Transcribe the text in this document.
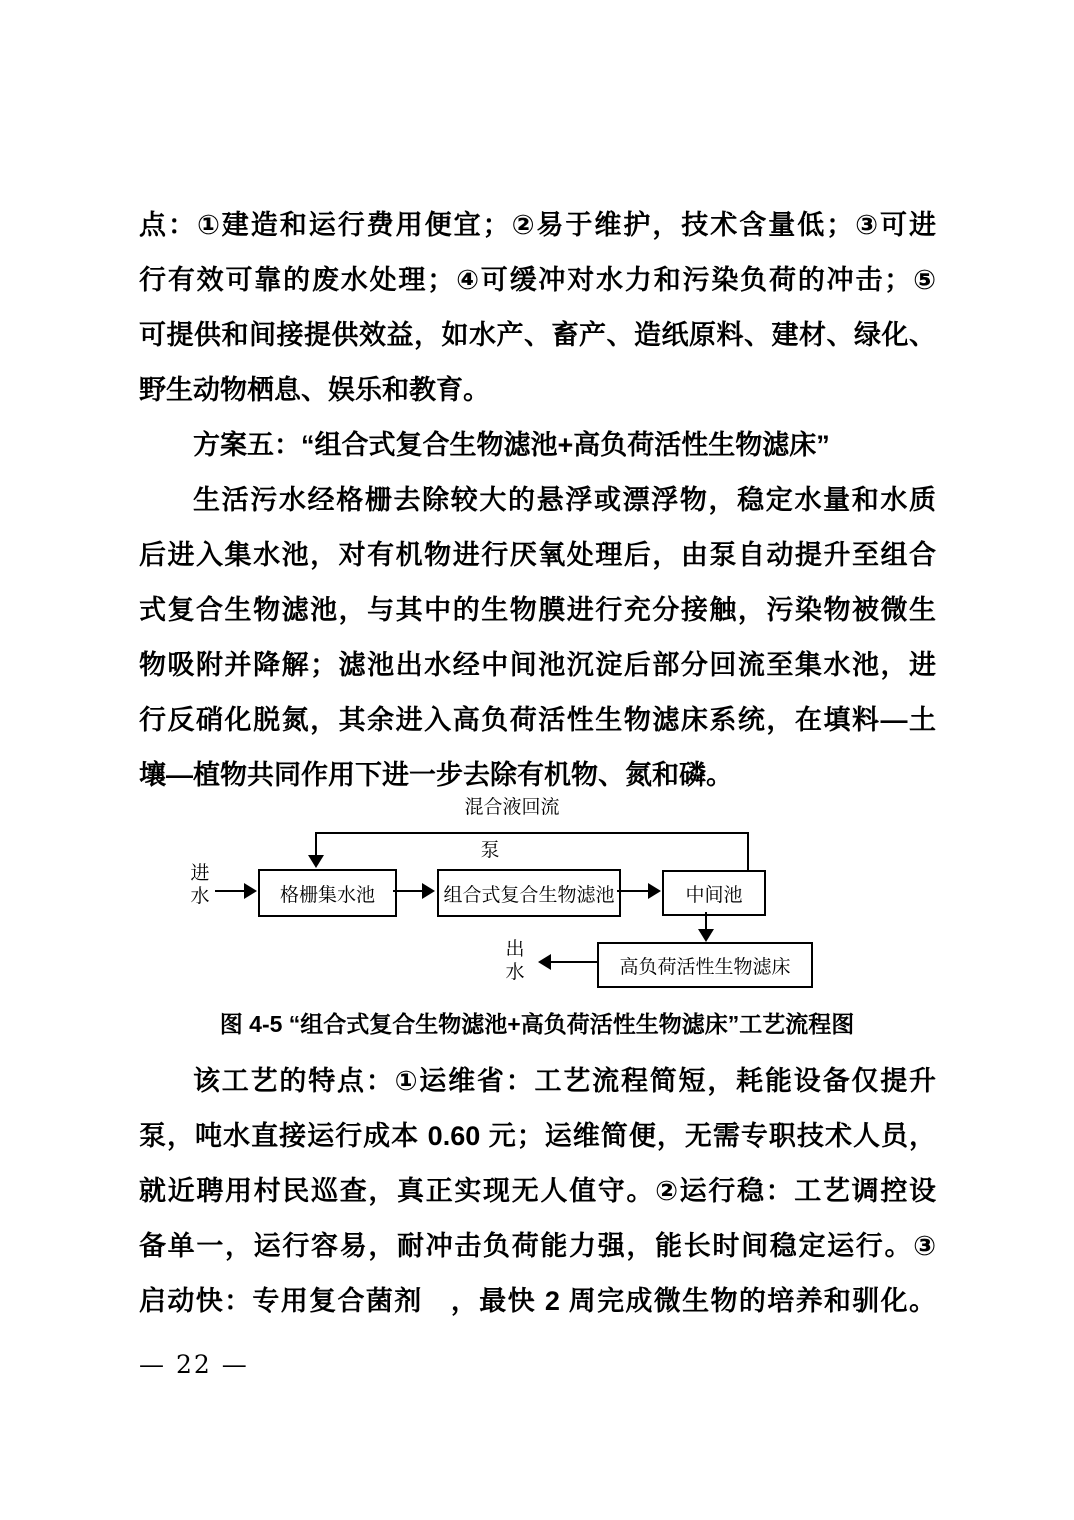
点：①建造和运行费用便宜；②易于维护，技术含量低；③可进
行有效可靠的废水处理；④可缓冲对水力和污染负荷的冲击；⑤
可提供和间接提供效益，如水产、畜产、造纸原料、建材、绿化、
野生动物栖息、娱乐和教育。
方案五：“组合式复合生物滤池+高负荷活性生物滤床”
生活污水经格栅去除较大的悬浮或漂浮物，稳定水量和水质
后进入集水池，对有机物进行厌氧处理后，由泵自动提升至组合
式复合生物滤池，与其中的生物膜进行充分接触，污染物被微生
物吸附并降解；滤池出水经中间池沉淀后部分回流至集水池，进
行反硝化脱氮，其余进入高负荷活性生物滤床系统，在填料—土
壤—植物共同作用下进一步去除有机物、氮和磷。
混合液回流
泵
进
水	格栅集水池	组合式复合生物滤池	中间池
高负荷活性生物滤床
出
水
图 4-5 “组合式复合生物滤池+高负荷活性生物滤床”工艺流程图
该工艺的特点：①运维省：工艺流程简短，耗能设备仅提升
泵，吨水直接运行成本 0.60 元；运维简便，无需专职技术人员，
就近聘用村民巡查，真正实现无人值守。②运行稳：工艺调控设
备单一，运行容易，耐冲击负荷能力强，能长时间稳定运行。③
启动快：专用复合菌剂　，最快 2 周完成微生物的培养和驯化。
— 22 —
